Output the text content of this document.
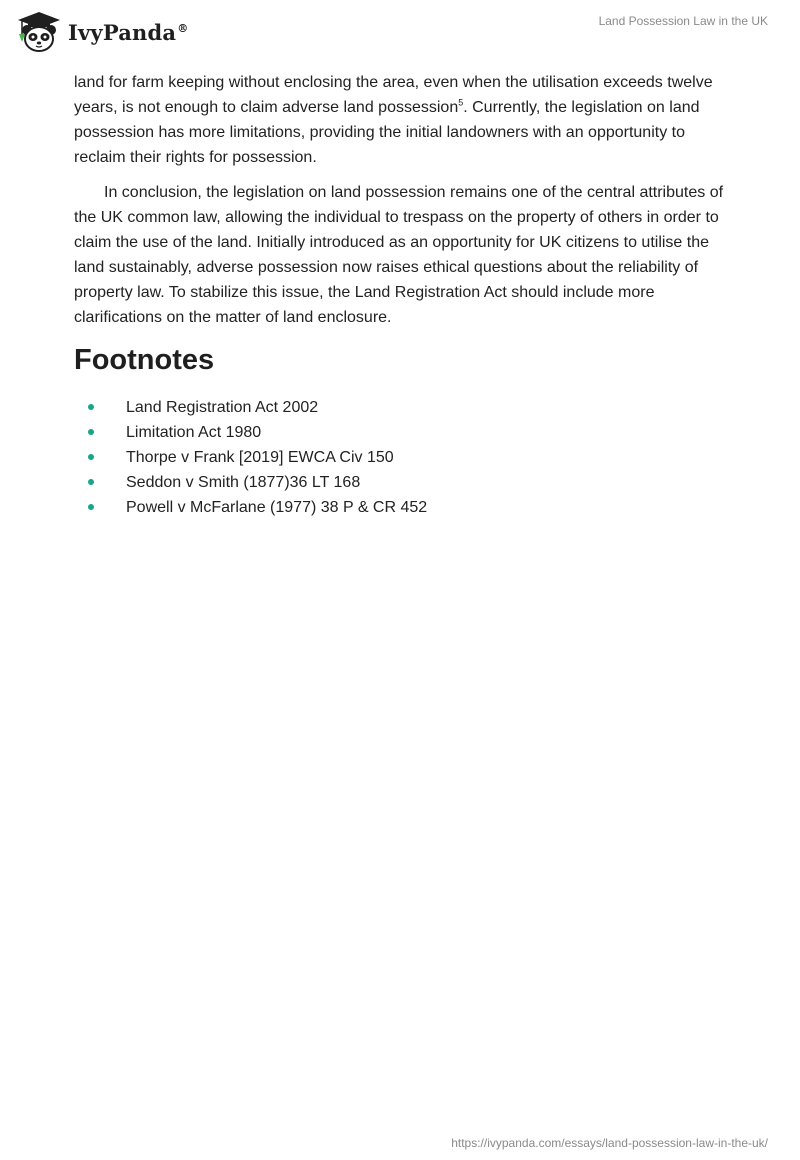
IvyPanda®	Land Possession Law in the UK

land for farm keeping without enclosing the area, even when the utilisation exceeds twelve years, is not enough to claim adverse land possession$^5$. Currently, the legislation on land possession has more limitations, providing the initial landowners with an opportunity to reclaim their rights for possession.

In conclusion, the legislation on land possession remains one of the central attributes of the UK common law, allowing the individual to trespass on the property of others in order to claim the use of the land. Initially introduced as an opportunity for UK citizens to utilise the land sustainably, adverse possession now raises ethical questions about the reliability of property law. To stabilize this issue, the Land Registration Act should include more clarifications on the matter of land enclosure.

Footnotes
Land Registration Act 2002
Limitation Act 1980
Thorpe v Frank [2019] EWCA Civ 150
Seddon v Smith (1877)36 LT 168
Powell v McFarlane (1977) 38 P & CR 452
https://ivypanda.com/essays/land-possession-law-in-the-uk/
